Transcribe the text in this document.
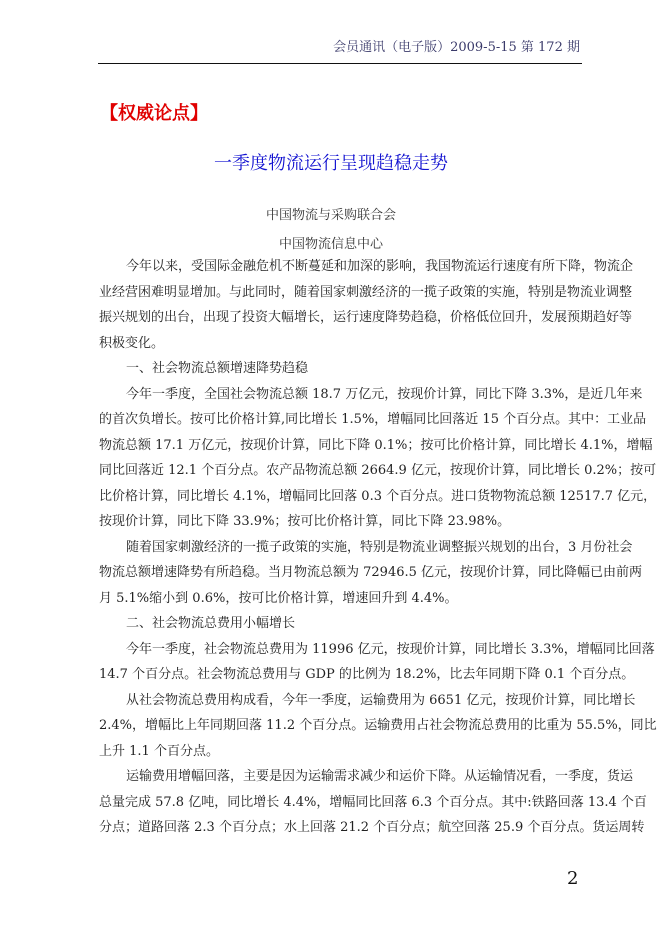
会员通讯（电子版）2009-5-15 第 172 期
【权威论点】
一季度物流运行呈现趋稳走势
中国物流与采购联合会
中国物流信息中心
今年以来，受国际金融危机不断蔓延和加深的影响，我国物流运行速度有所下降，物流企
业经营困难明显增加。与此同时，随着国家刺激经济的一揽子政策的实施，特别是物流业调整
振兴规划的出台，出现了投资大幅增长，运行速度降势趋稳，价格低位回升，发展预期趋好等
积极变化。
一、社会物流总额增速降势趋稳
今年一季度，全国社会物流总额 18.7 万亿元，按现价计算，同比下降 3.3%，是近几年来
的首次负增长。按可比价格计算,同比增长 1.5%，增幅同比回落近 15 个百分点。其中：工业品
物流总额 17.1 万亿元，按现价计算，同比下降 0.1%；按可比价格计算，同比增长 4.1%，增幅
同比回落近 12.1 个百分点。农产品物流总额 2664.9 亿元，按现价计算，同比增长 0.2%；按可
比价格计算，同比增长 4.1%，增幅同比回落 0.3 个百分点。进口货物物流总额 12517.7 亿元，
按现价计算，同比下降 33.9%；按可比价格计算，同比下降 23.98%。
随着国家刺激经济的一揽子政策的实施，特别是物流业调整振兴规划的出台，3 月份社会
物流总额增速降势有所趋稳。当月物流总额为 72946.5 亿元，按现价计算，同比降幅已由前两
月 5.1%缩小到 0.6%，按可比价格计算，增速回升到 4.4%。
二、社会物流总费用小幅增长
今年一季度，社会物流总费用为 11996 亿元，按现价计算，同比增长 3.3%，增幅同比回落
14.7 个百分点。社会物流总费用与 GDP 的比例为 18.2%，比去年同期下降 0.1 个百分点。
从社会物流总费用构成看，今年一季度，运输费用为 6651 亿元，按现价计算，同比增长
2.4%，增幅比上年同期回落 11.2 个百分点。运输费用占社会物流总费用的比重为 55.5%，同比
上升 1.1 个百分点。
运输费用增幅回落，主要是因为运输需求减少和运价下降。从运输情况看，一季度，货运
总量完成 57.8 亿吨，同比增长 4.4%，增幅同比回落 6.3 个百分点。其中:铁路回落 13.4 个百
分点；道路回落 2.3 个百分点；水上回落 21.2 个百分点；航空回落 25.9 个百分点。货运周转
2
